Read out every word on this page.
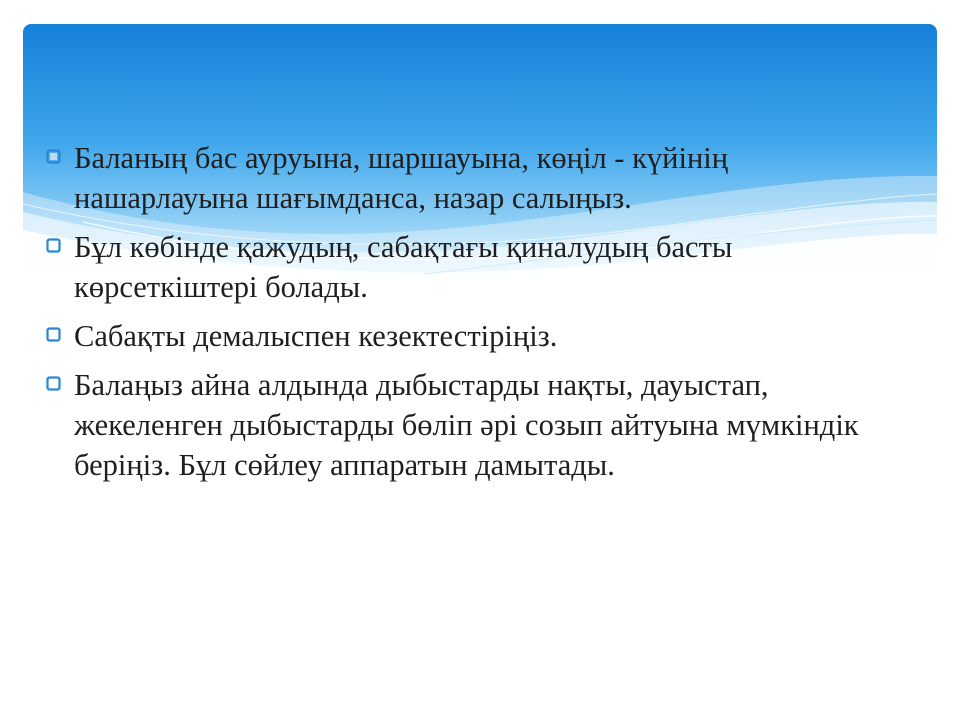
Баланың бас ауруына, шаршауына, көңіл - күйінің нашарлауына шағымданса, назар салыңыз.
Бұл көбінде қажудың, сабақтағы қиналудың басты көрсеткіштері болады.
Сабақты демалыспен кезектестіріңіз.
Балаңыз айна алдында дыбыстарды нақты, дауыстап, жекеленген дыбыстарды бөліп әрі созып айтуына мүмкіндік беріңіз. Бұл сөйлеу аппаратын дамытады.
